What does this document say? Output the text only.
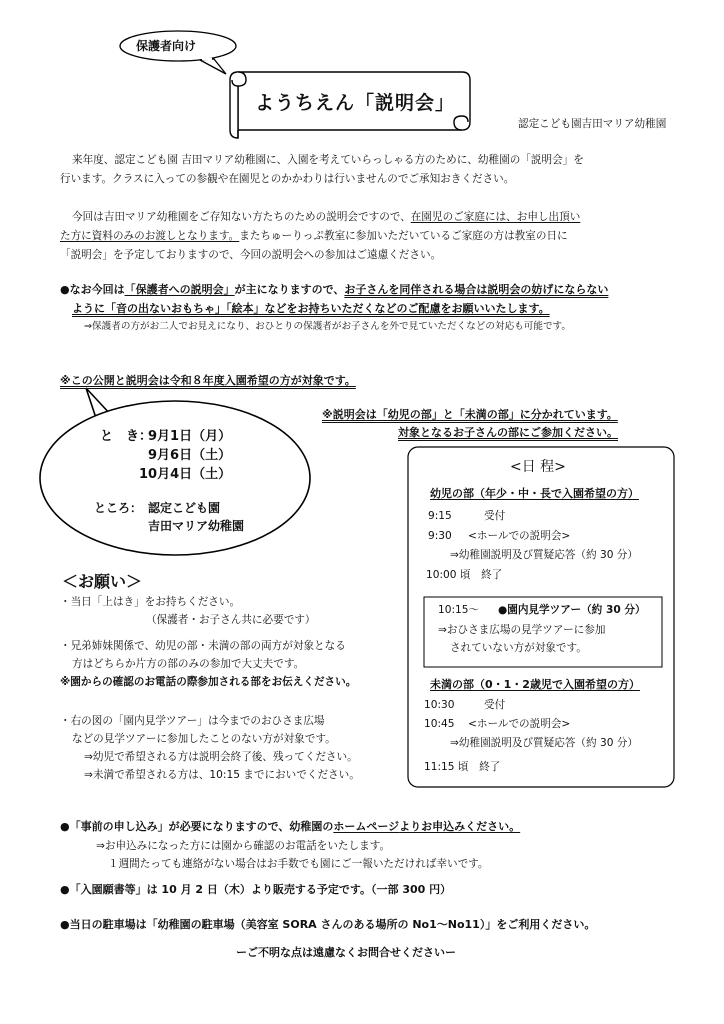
保護者向け
ようちえん「説明会」
認定こども園吉田マリア幼稚園
来年度、認定こども園 吉田マリア幼稚園に、入園を考えていらっしゃる方のために、幼稚園の「説明会」を
行います。クラスに入っての参観や在園児とのかかわりは行いませんのでご承知おきください。
今回は吉田マリア幼稚園をご存知ない方たちのための説明会ですので、在園児のご家庭には、お申し出頂い
た方に資料のみのお渡しとなります。またちゅーりっぷ教室に参加いただいているご家庭の方は教室の日に
「説明会」を予定しておりますので、今回の説明会への参加はご遠慮ください。
●なお今回は「保護者への説明会」が主になりますので、お子さんを同伴される場合は説明会の妨げにならない
ように「音の出ないおもちゃ」「絵本」などをお持ちいただくなどのご配慮をお願いいたします。
⇒保護者の方がお二人でお見えになり、おひとりの保護者がお子さんを外で見ていただくなどの対応も可能です。
※この公開と説明会は令和８年度入園希望の方が対象です。
※説明会は「幼児の部」と「未満の部」に分かれています。
対象となるお子さんの部にご参加ください。
と　き：
9月1日（月）
9月6日（土）
10月4日（土）
ところ： 認定こども園
吉田マリア幼稚園
＜お願い＞
・当日「上はき」をお持ちください。
（保護者・お子さん共に必要です）
・兄弟姉妹関係で、幼児の部・未満の部の両方が対象となる
方はどちらか片方の部のみの参加で大丈夫です。
※園からの確認のお電話の際参加される部をお伝えください。
・右の図の「園内見学ツアー」は今までのおひさま広場
などの見学ツアーに参加したことのない方が対象です。
⇒幼児で希望される方は説明会終了後、残ってください。
⇒未満で希望される方は、10:15 までにおいでください。
<日 程>
幼児の部（年少・中・長で入園希望の方）
9:15	受付
9:30 <ホールでの説明会>
⇒幼稚園説明及び質疑応答（約 30 分）
10:00 頃　終了
10:15～ ●園内見学ツアー（約 30 分）
⇒おひさま広場の見学ツアーに参加
されていない方が対象です。
未満の部（0・1・2歳児で入園希望の方）
10:30	受付
10:45 <ホールでの説明会>
⇒幼稚園説明及び質疑応答（約 30 分）
11:15 頃　終了
●「事前の申し込み」が必要になりますので、幼稚園のホームページよりお申込みください。
⇒お申込みになった方には園から確認のお電話をいたします。
１週間たっても連絡がない場合はお手数でも園にご一報いただければ幸いです。
●「入園願書等」は 10 月 2 日（木）より販売する予定です。（一部 300 円）
●当日の駐車場は「幼稚園の駐車場（美容室 SORA さんのある場所の No1～No11）」をご利用ください。
ーご不明な点は遠慮なくお問合せくださいー
